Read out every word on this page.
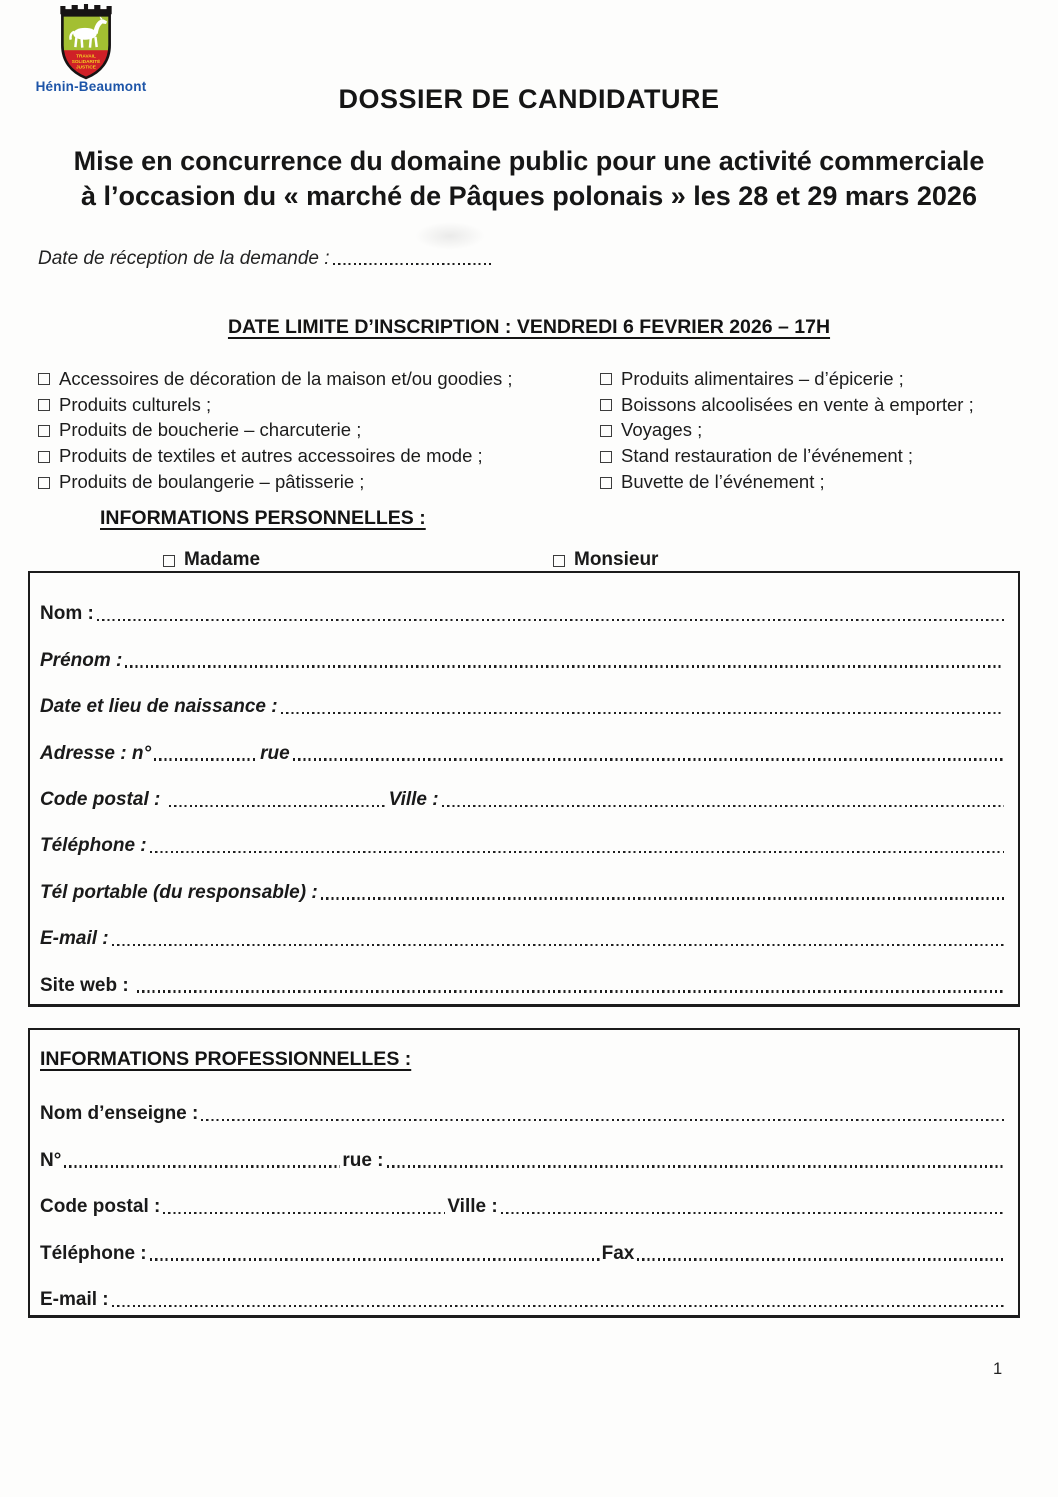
TRAVAIL
SOLIDARITÉ
JUSTICE
Hénin-Beaumont	DOSSIER DE CANDIDATURE
Mise en concurrence du domaine public pour une activité commerciale
à l’occasion du « marché de Pâques polonais » les 28 et 29 mars 2026
Date de réception de la demande :
DATE LIMITE D’INSCRIPTION : VENDREDI 6 FEVRIER 2026 – 17H
Accessoires de décoration de la maison et/ou goodies ;
Produits culturels ;
Produits de boucherie – charcuterie ;
Produits de textiles et autres accessoires de mode ;
Produits de boulangerie – pâtisserie ;
Produits alimentaires – d’épicerie ;
Boissons alcoolisées en vente à emporter ;
Voyages ;
Stand restauration de l’événement ;
Buvette de l’événement ;
INFORMATIONS PERSONNELLES :
Madame	Monsieur
Nom :
Prénom :
Date et lieu de naissance :
Adresse : n°	rue
Code postal :	Ville :
Téléphone :
Tél portable (du responsable) :
E-mail :
Site web :
INFORMATIONS PROFESSIONNELLES :
Nom d’enseigne :
N°	rue :
Code postal :	Ville :
Téléphone :	Fax
E-mail :
1
